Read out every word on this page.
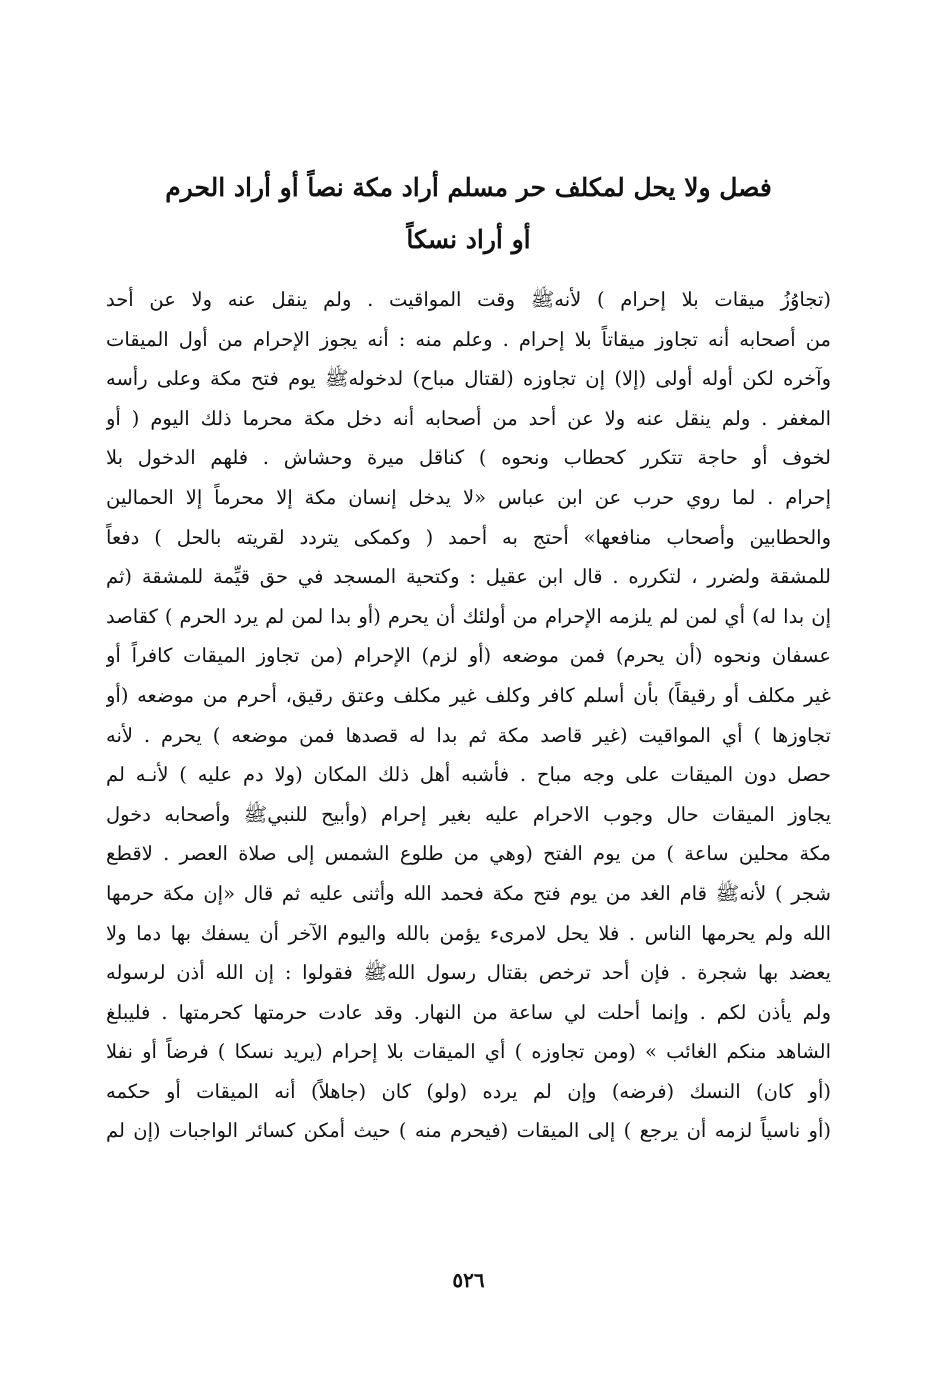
فصل ولا يحل لمكلف حر مسلم أراد مكة نصاً أو أراد الحرم
أو أراد نسكاً
(تجاوُزُ ميقات بلا إحرام ) لأنهﷺ وقت المواقيت . ولم ينقل عنه ولا عن أحد
من أصحابه أنه تجاوز ميقاتاً بلا إحرام . وعلم منه : أنه يجوز الإحرام من أول الميقات
وآخره لكن أوله أولى (إلا) إن تجاوزه (لقتال مباح) لدخولهﷺ يوم فتح مكة وعلى رأسه
المغفر . ولم ينقل عنه ولا عن أحد من أصحابه أنه دخل مكة محرما ذلك اليوم ( أو
لخوف أو حاجة تتكرر كحطاب ونحوه ) كناقل ميرة وحشاش . فلهم الدخول بلا
إحرام . لما روي حرب عن ابن عباس «لا يدخل إنسان مكة إلا محرماً إلا الحمالين
والحطابين وأصحاب منافعها» أحتج به أحمد ( وكمكى يتردد لقريته بالحل ) دفعاً
للمشقة ولضرر ، لتكرره . قال ابن عقيل : وكتحية المسجد في حق قيِّمة للمشقة (ثم
إن بدا له) أي لمن لم يلزمه الإحرام من أولئك أن يحرم (أو بدا لمن لم يرد الحرم ) كقاصد
عسفان ونحوه (أن يحرم) فمن موضعه (أو لزم) الإحرام (من تجاوز الميقات كافراً أو
غير مكلف أو رقيقاً) بأن أسلم كافر وكلف غير مكلف وعتق رقيق، أحرم من موضعه (أو
تجاوزها ) أي المواقيت (غير قاصد مكة ثم بدا له قصدها فمن موضعه ) يحرم . لأنه
حصل دون الميقات على وجه مباح . فأشبه أهل ذلك المكان (ولا دم عليه ) لأنـه لم
يجاوز الميقات حال وجوب الاحرام عليه بغير إحرام (وأبيح للنبيﷺ وأصحابه دخول
مكة محلين ساعة ) من يوم الفتح (وهي من طلوع الشمس إلى صلاة العصر . لاقطع
شجر ) لأنهﷺ قام الغد من يوم فتح مكة فحمد الله وأثنى عليه ثم قال «إن مكة حرمها
الله ولم يحرمها الناس . فلا يحل لامرىء يؤمن بالله واليوم الآخر أن يسفك بها دما ولا
يعضد بها شجرة . فإن أحد ترخص بقتال رسول اللهﷺ فقولوا : إن الله أذن لرسوله
ولم يأذن لكم . وإنما أحلت لي ساعة من النهار. وقد عادت حرمتها كحرمتها . فليبلغ
الشاهد منكم الغائب » (ومن تجاوزه ) أي الميقات بلا إحرام (يريد نسكا ) فرضاً أو نفلا
(أو كان) النسك (فرضه) وإن لم يرده (ولو) كان (جاهلاً) أنه الميقات أو حكمه
(أو ناسياً لزمه أن يرجع ) إلى الميقات (فيحرم منه ) حيث أمكن كسائر الواجبات (إن لم
٥٢٦
